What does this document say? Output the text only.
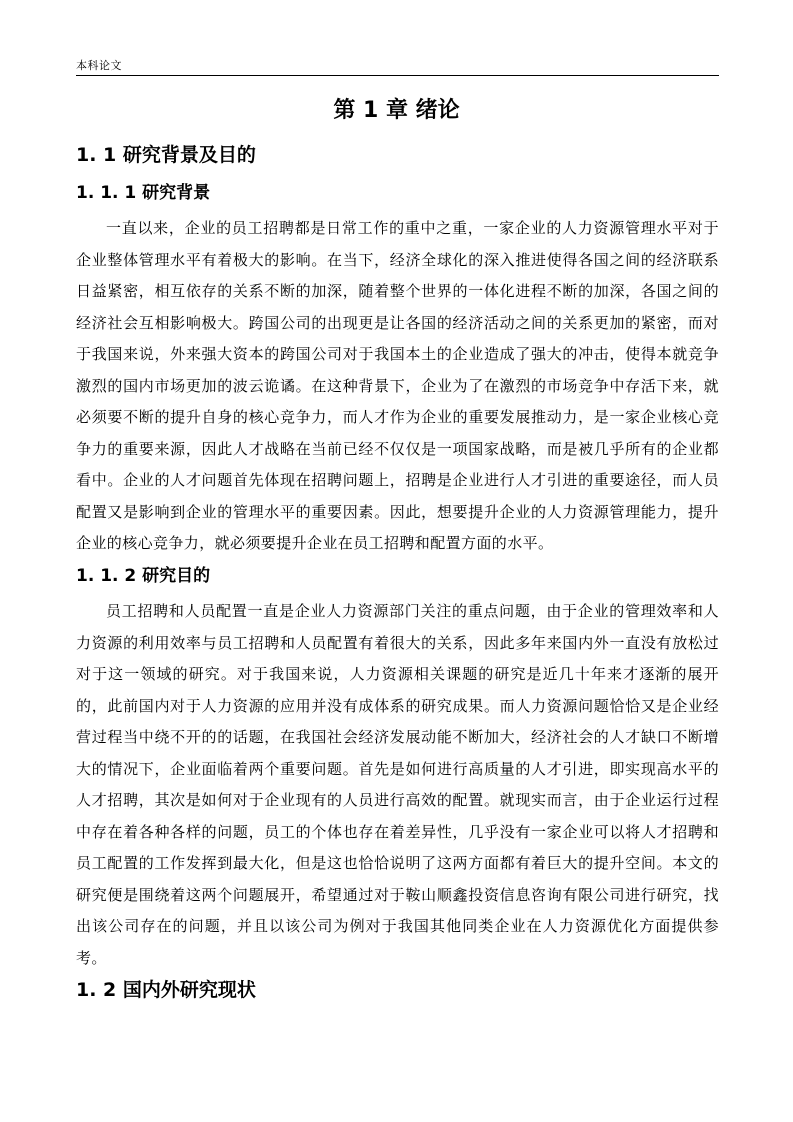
本科论文
第 1 章 绪论
1. 1 研究背景及目的
1. 1. 1 研究背景

一直以来，企业的员工招聘都是日常工作的重中之重，一家企业的人力资源管理水平对于企业整体管理水平有着极大的影响。在当下，经济全球化的深入推进使得各国之间的经济联系日益紧密，相互依存的关系不断的加深，随着整个世界的一体化进程不断的加深，各国之间的经济社会互相影响极大。跨国公司的出现更是让各国的经济活动之间的关系更加的紧密，而对于我国来说，外来强大资本的跨国公司对于我国本土的企业造成了强大的冲击，使得本就竞争激烈的国内市场更加的波云诡谲。在这种背景下，企业为了在激烈的市场竞争中存活下来，就必须要不断的提升自身的核心竞争力，而人才作为企业的重要发展推动力，是一家企业核心竞争力的重要来源，因此人才战略在当前已经不仅仅是一项国家战略，而是被几乎所有的企业都看中。企业的人才问题首先体现在招聘问题上，招聘是企业进行人才引进的重要途径，而人员配置又是影响到企业的管理水平的重要因素。因此，想要提升企业的人力资源管理能力，提升企业的核心竞争力，就必须要提升企业在员工招聘和配置方面的水平。

1. 1. 2 研究目的

员工招聘和人员配置一直是企业人力资源部门关注的重点问题，由于企业的管理效率和人力资源的利用效率与员工招聘和人员配置有着很大的关系，因此多年来国内外一直没有放松过对于这一领域的研究。对于我国来说，人力资源相关课题的研究是近几十年来才逐渐的展开的，此前国内对于人力资源的应用并没有成体系的研究成果。而人力资源问题恰恰又是企业经营过程当中绕不开的的话题，在我国社会经济发展动能不断加大，经济社会的人才缺口不断增大的情况下，企业面临着两个重要问题。首先是如何进行高质量的人才引进，即实现高水平的人才招聘，其次是如何对于企业现有的人员进行高效的配置。就现实而言，由于企业运行过程中存在着各种各样的问题，员工的个体也存在着差异性，几乎没有一家企业可以将人才招聘和员工配置的工作发挥到最大化，但是这也恰恰说明了这两方面都有着巨大的提升空间。本文的研究便是围绕着这两个问题展开，希望通过对于鞍山顺鑫投资信息咨询有限公司进行研究，找出该公司存在的问题，并且以该公司为例对于我国其他同类企业在人力资源优化方面提供参考。

1. 2 国内外研究现状
